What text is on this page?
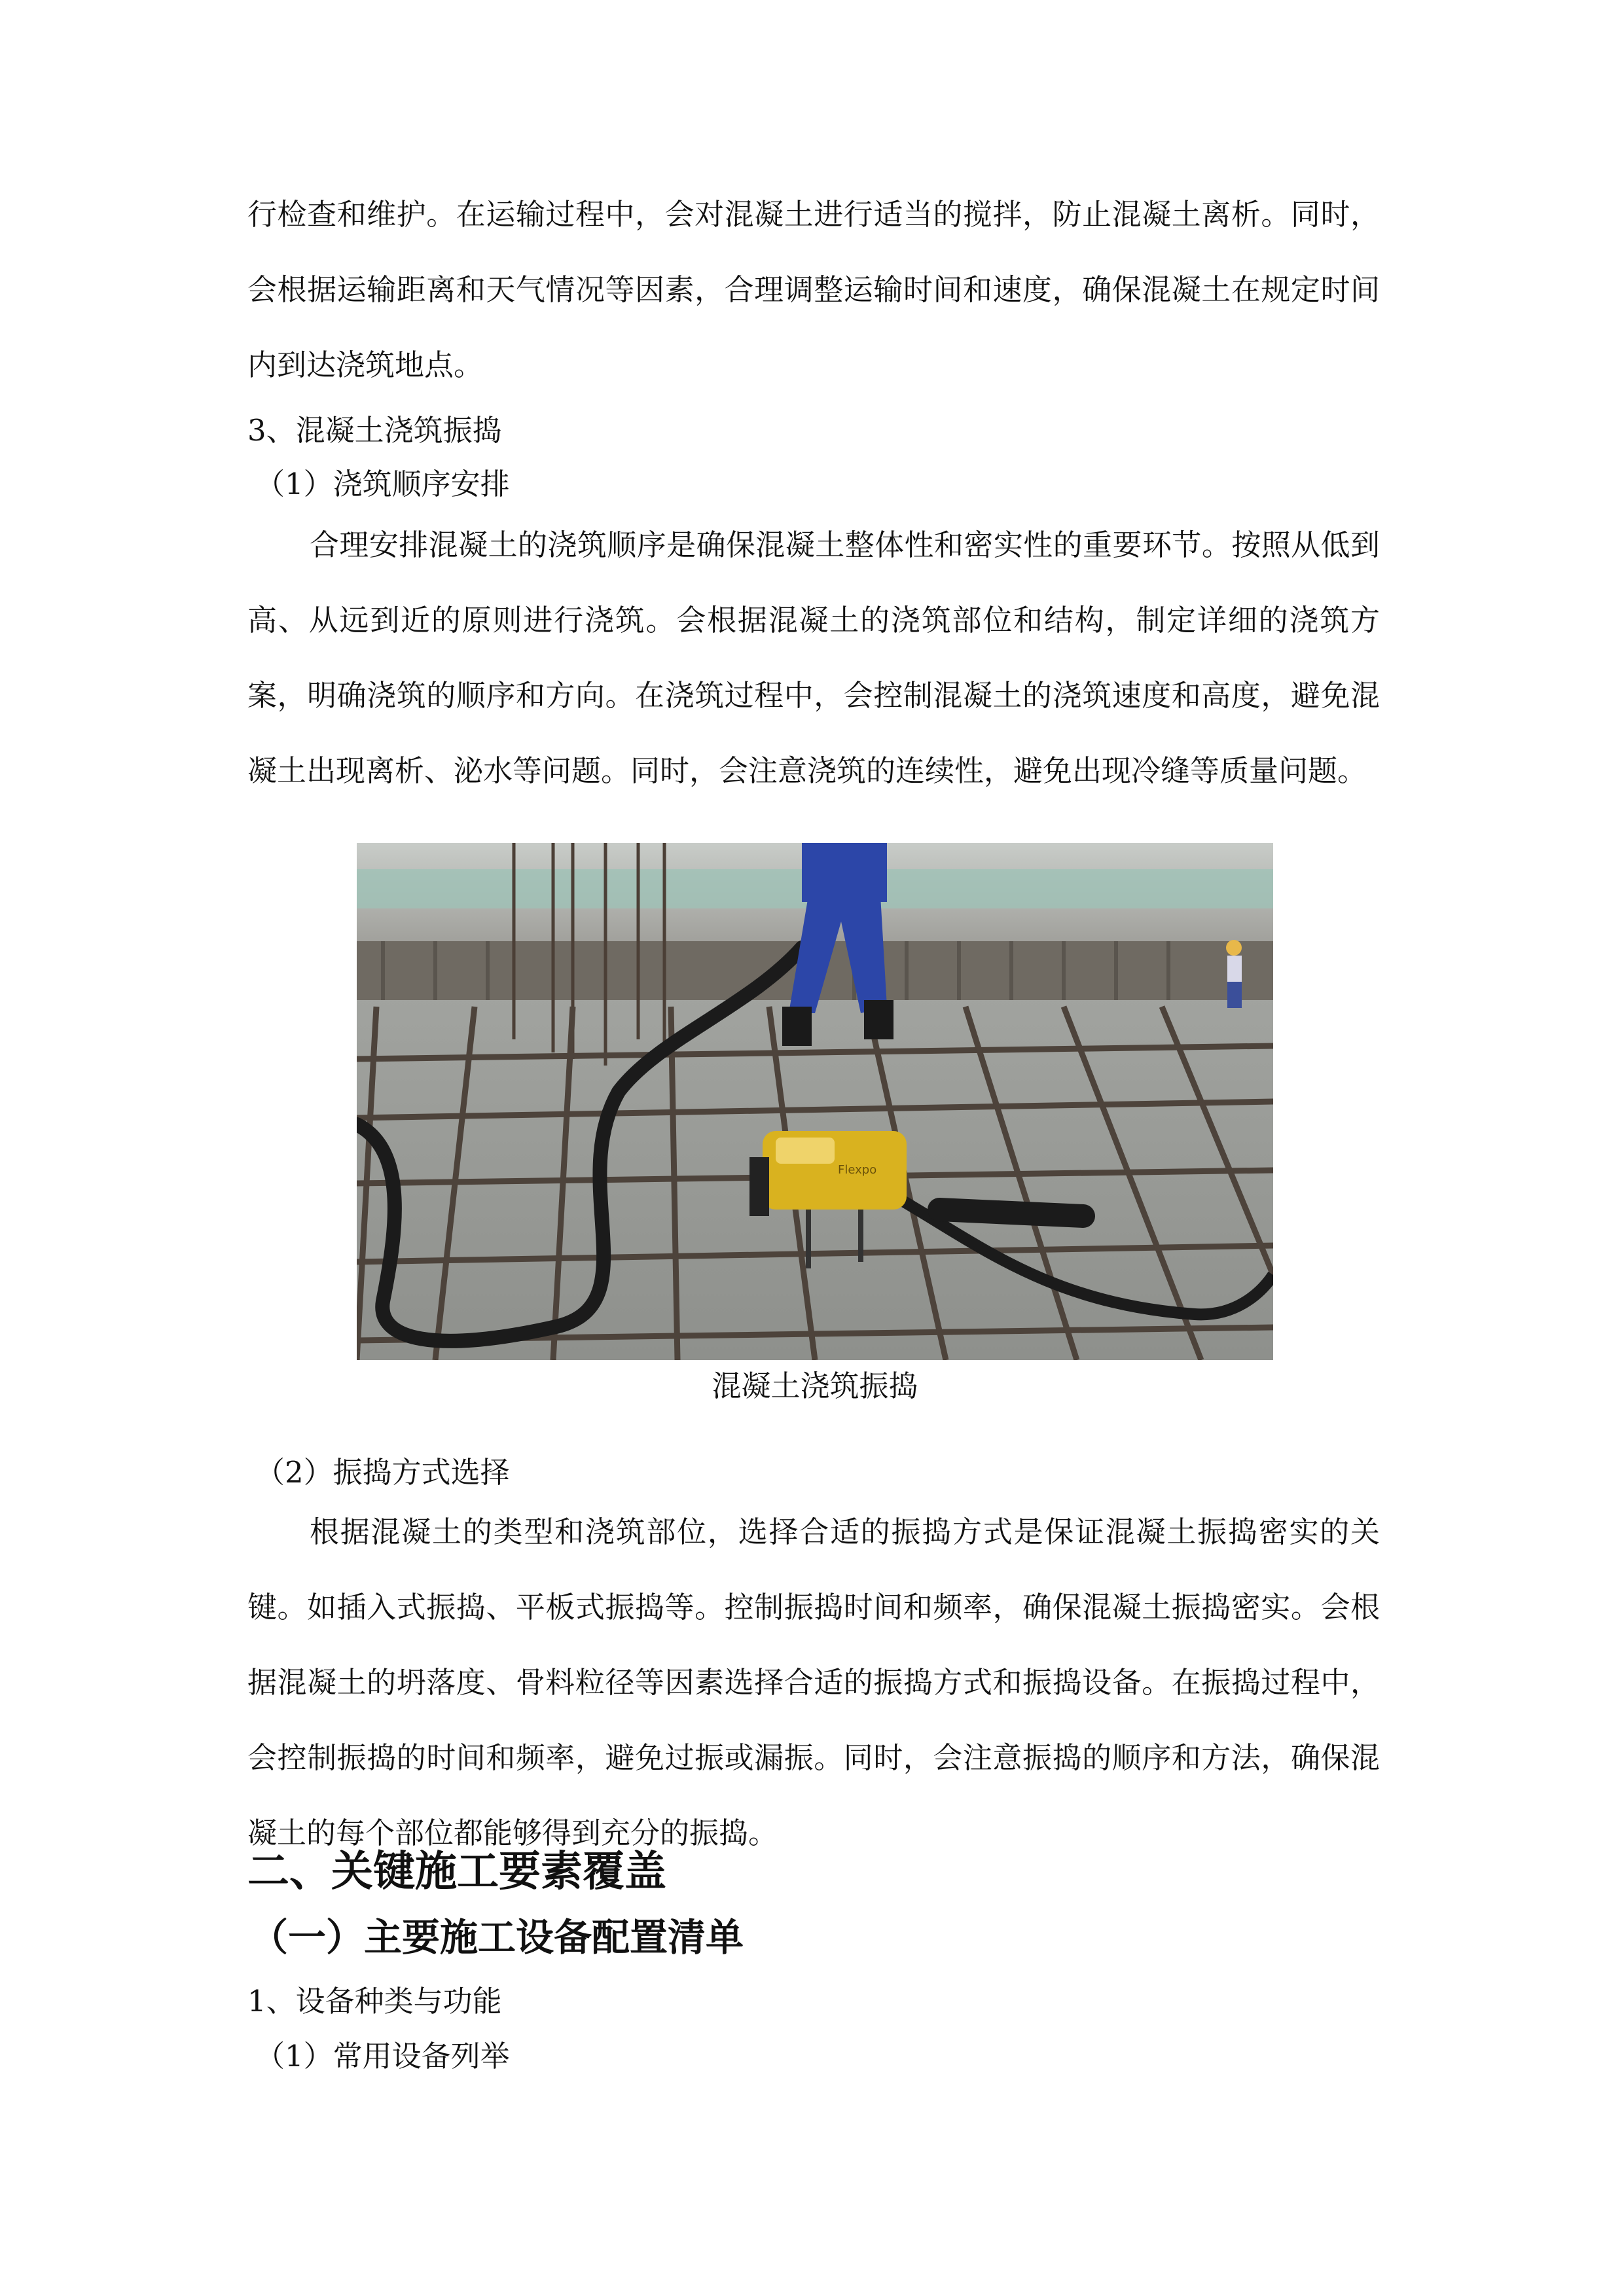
行检查和维护。在运输过程中，会对混凝土进行适当的搅拌，防止混凝土离析。同时，会根据运输距离和天气情况等因素，合理调整运输时间和速度，确保混凝土在规定时间内到达浇筑地点。

3、混凝土浇筑振捣

（1）浇筑顺序安排

合理安排混凝土的浇筑顺序是确保混凝土整体性和密实性的重要环节。按照从低到高、从远到近的原则进行浇筑。会根据混凝土的浇筑部位和结构，制定详细的浇筑方案，明确浇筑的顺序和方向。在浇筑过程中，会控制混凝土的浇筑速度和高度，避免混凝土出现离析、泌水等问题。同时，会注意浇筑的连续性，避免出现冷缝等质量问题。

Flexpo

混凝土浇筑振捣

（2）振捣方式选择

根据混凝土的类型和浇筑部位，选择合适的振捣方式是保证混凝土振捣密实的关键。如插入式振捣、平板式振捣等。控制振捣时间和频率，确保混凝土振捣密实。会根据混凝土的坍落度、骨料粒径等因素选择合适的振捣方式和振捣设备。在振捣过程中，会控制振捣的时间和频率，避免过振或漏振。同时，会注意振捣的顺序和方法，确保混凝土的每个部位都能够得到充分的振捣。

二、关键施工要素覆盖
（一）主要施工设备配置清单

1、设备种类与功能

（1）常用设备列举
